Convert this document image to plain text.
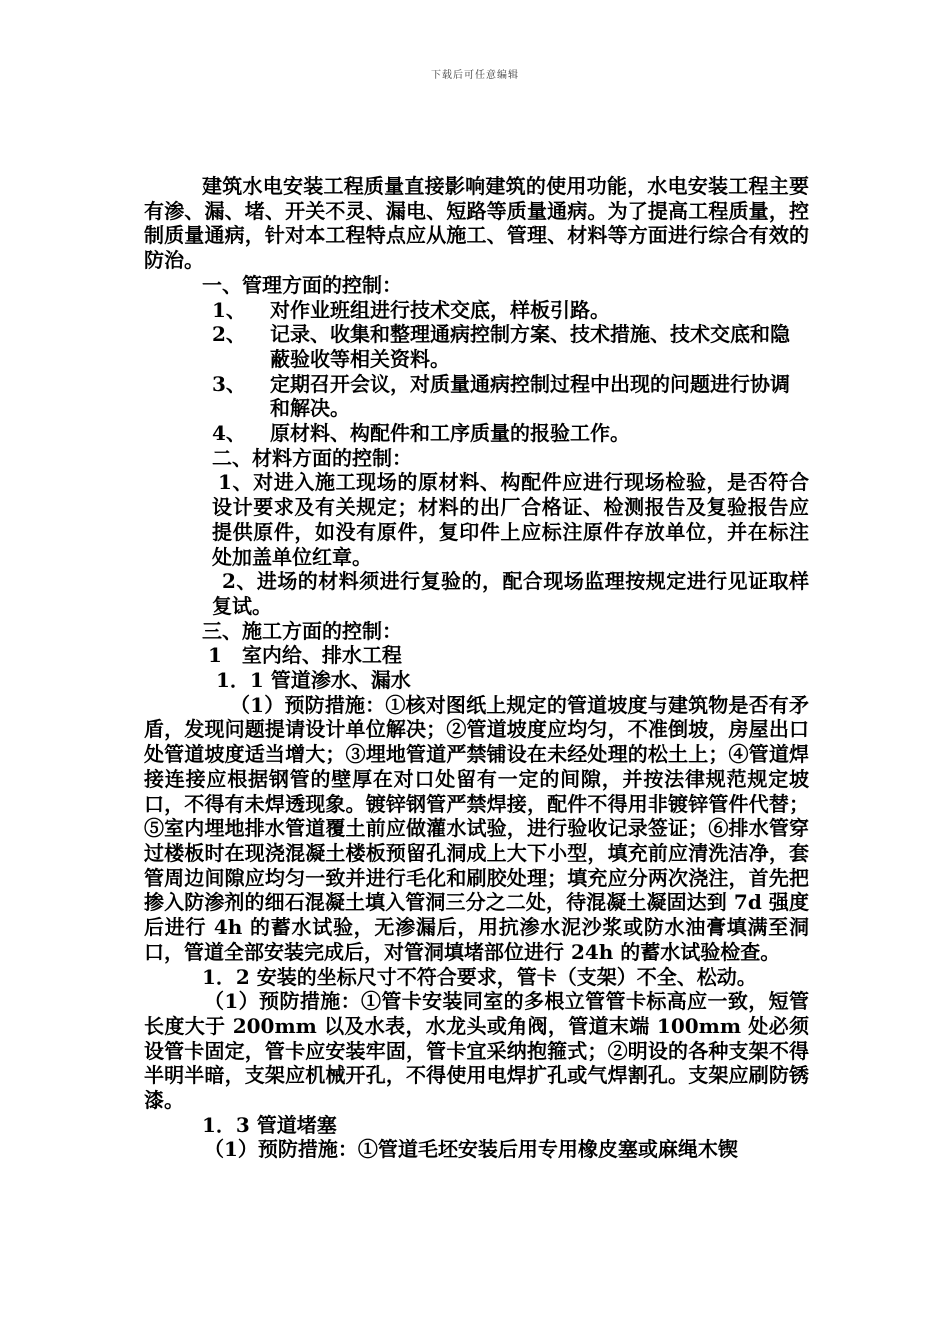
下载后可任意编辑

建筑水电安装工程质量直接影响建筑的使用功能，水电安装工程主要有渗、漏、堵、开关不灵、漏电、短路等质量通病。为了提高工程质量，控制质量通病，针对本工程特点应从施工、管理、材料等方面进行综合有效的防治。

一、管理方面的控制：

1、	对作业班组进行技术交底，样板引路。
2、	记录、收集和整理通病控制方案、技术措施、技术交底和隐蔽验收等相关资料。
3、	定期召开会议，对质量通病控制过程中出现的问题进行协调和解决。
4、	原材料、构配件和工序质量的报验工作。

二、材料方面的控制：

1、对进入施工现场的原材料、构配件应进行现场检验，是否符合设计要求及有关规定；材料的出厂合格证、检测报告及复验报告应提供原件，如没有原件，复印件上应标注原件存放单位，并在标注处加盖单位红章。

2、进场的材料须进行复验的，配合现场监理按规定进行见证取样复试。

三、施工方面的控制：

1　室内给、排水工程

1．1 管道渗水、漏水

（1）预防措施：①核对图纸上规定的管道坡度与建筑物是否有矛盾，发现问题提请设计单位解决；②管道坡度应均匀，不准倒坡，房屋出口处管道坡度适当增大；③埋地管道严禁铺设在未经处理的松土上；④管道焊接连接应根据钢管的壁厚在对口处留有一定的间隙，并按法律规范规定坡口，不得有未焊透现象。镀锌钢管严禁焊接，配件不得用非镀锌管件代替；⑤室内埋地排水管道覆土前应做灌水试验，进行验收记录签证；⑥排水管穿过楼板时在现浇混凝土楼板预留孔洞成上大下小型，填充前应清洗洁净，套管周边间隙应均匀一致并进行毛化和刷胶处理；填充应分两次浇注，首先把掺入防渗剂的细石混凝土填入管洞三分之二处，待混凝土凝固达到 7d 强度后进行 4h 的蓄水试验，无渗漏后，用抗渗水泥沙浆或防水油膏填满至洞口，管道全部安装完成后，对管洞填堵部位进行 24h 的蓄水试验检查。

1．2 安装的坐标尺寸不符合要求，管卡（支架）不全、松动。

（1）预防措施：①管卡安装同室的多根立管管卡标高应一致，短管长度大于 200mm 以及水表，水龙头或角阀，管道末端 100mm 处必须设管卡固定，管卡应安装牢固，管卡宜采纳抱箍式；②明设的各种支架不得半明半暗，支架应机械开孔，不得使用电焊扩孔或气焊割孔。支架应刷防锈漆。

1．3 管道堵塞

（1）预防措施：①管道毛坯安装后用专用橡皮塞或麻绳木锲
